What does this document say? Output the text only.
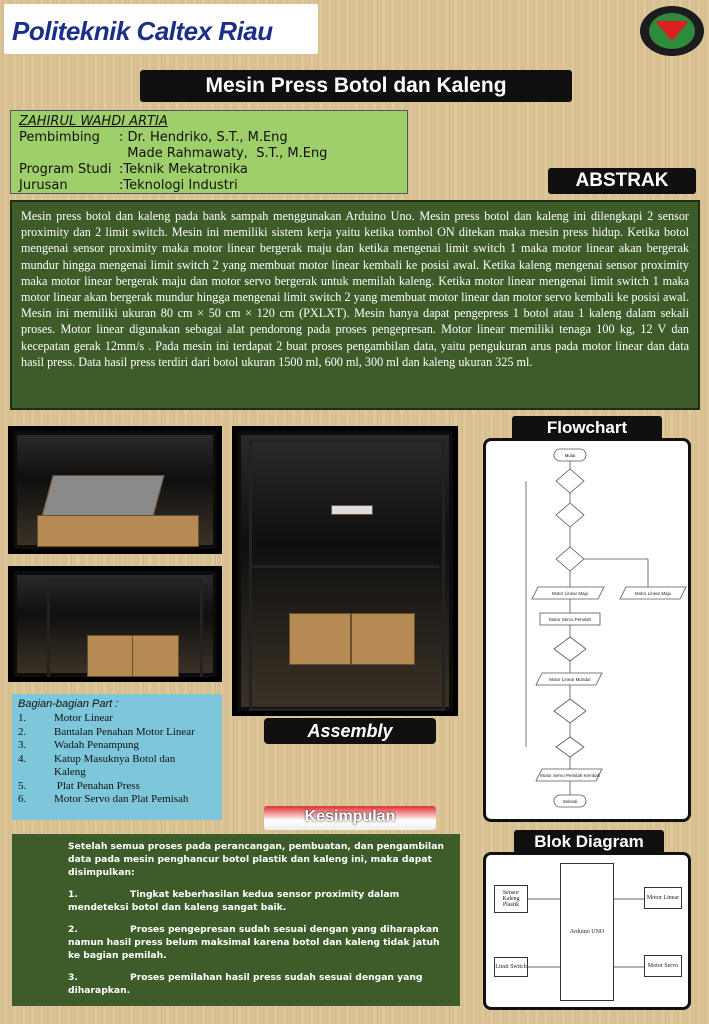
Politeknik Caltex Riau
Mesin Press Botol dan Kaleng
ZAHIRUL WAHDI ARTIA
Pembimbing	: Dr. Hendriko, S.T., M.Eng
Made Rahmawaty,  S.T., M.Eng
Program Studi :Teknik Mekatronika
Jurusan	:Teknologi Industri	ABSTRAK
Mesin press botol dan kaleng pada bank sampah menggunakan Arduino Uno. Mesin press botol dan kaleng ini dilengkapi 2 sensor proximity dan 2 limit switch. Mesin ini memiliki sistem kerja yaitu ketika tombol ON ditekan maka mesin press hidup. Ketika botol mengenai sensor proximity maka motor linear bergerak maju dan ketika mengenai limit switch 1 maka motor linear akan bergerak mundur hingga mengenai limit switch 2 yang membuat motor linear kembali ke posisi awal. Ketika kaleng mengenai sensor proximity maka motor linear bergerak maju dan motor servo bergerak untuk memilah kaleng. Ketika motor linear mengenai limit switch 1 maka motor linear akan bergerak mundur hingga mengenai limit switch 2 yang membuat motor linear dan motor servo kembali ke posisi awal. Mesin ini memiliki ukuran 80 cm × 50 cm × 120 cm (PXLXT). Mesin hanya dapat pengepress 1 botol atau 1 kaleng dalam sekali proses. Motor linear digunakan sebagai alat pendorong pada proses pengepresan. Motor linear memiliki tenaga 100 kg, 12 V dan kecepatan gerak 12mm/s . Pada mesin ini terdapat 2 buat proses pengambilan data, yaitu pengukuran arus pada motor linear dan data hasil press. Data hasil press terdiri dari botol ukuran 1500 ml, 600 ml, 300 ml dan kaleng ukuran 325 ml.
Bagian-bagian Part :
1.	Motor Linear
2.	Bantalan Penahan Motor Linear
3.	Wadah Penampung
4.	Katup Masuknya Botol dan Kaleng
5.	Plat Penahan Press
6.	Motor Servo dan Plat Pemisah
Assembly
Flowchart
Mulai
Motor Linear Maju	Motor Linear Maju
Motor Servo Pemilah
Motor Linear Mundur
Motor Servo Pemilah Kembali
Selesai
Kesimpulan

Setelah semua proses pada perancangan, pembuatan, dan pengambilan data pada mesin penghancur botol plastik dan kaleng ini, maka dapat disimpulkan:

1.	Tingkat keberhasilan kedua sensor proximity dalam mendeteksi botol dan kaleng sangat baik.

2.	Proses pengepresan sudah sesuai dengan yang diharapkan namun hasil press belum maksimal karena botol dan kaleng tidak jatuh ke bagian pemilah.

3.	Proses pemilahan hasil press sudah sesuai dengan yang diharapkan.

Blok Diagram
Sensor Kaleng Plastik
Limit Switch
Arduino UNO
Motor Linear
Motor Servo
